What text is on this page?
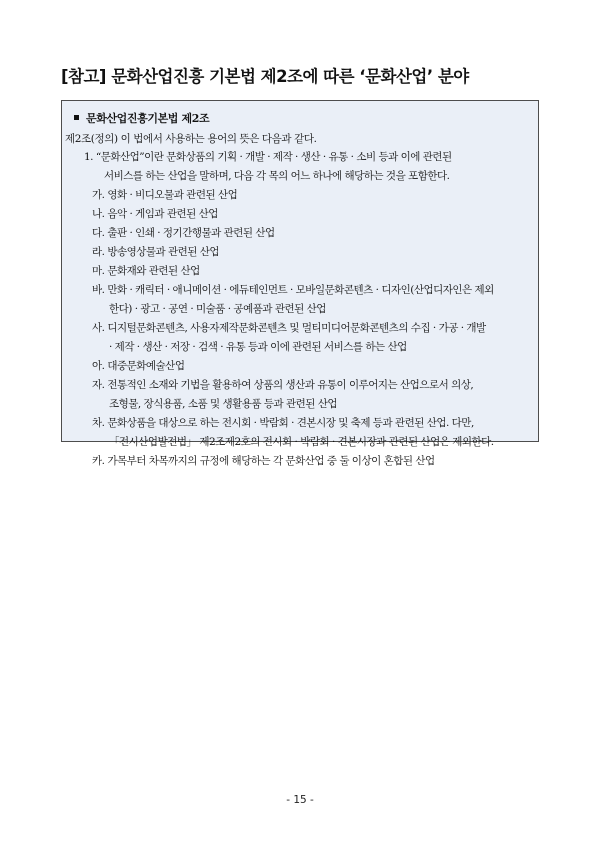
[참고] 문화산업진흥 기본법 제2조에 따른 ‘문화산업’ 분야
문화산업진흥기본법 제2조
제2조(정의) 이 법에서 사용하는 용어의 뜻은 다음과 같다.
1. “문화산업”이란 문화상품의 기획 · 개발 · 제작 · 생산 · 유통 · 소비 등과 이에 관련된
서비스를 하는 산업을 말하며, 다음 각 목의 어느 하나에 해당하는 것을 포함한다.
가. 영화 · 비디오물과 관련된 산업
나. 음악 · 게임과 관련된 산업
다. 출판 · 인쇄 · 정기간행물과 관련된 산업
라. 방송영상물과 관련된 산업
마. 문화재와 관련된 산업
바. 만화 · 캐릭터 · 애니메이션 · 에듀테인먼트 · 모바일문화콘텐츠 · 디자인(산업디자인은 제외
한다) · 광고 · 공연 · 미술품 · 공예품과 관련된 산업
사. 디지털문화콘텐츠, 사용자제작문화콘텐츠 및 멀티미디어문화콘텐츠의 수집 · 가공 · 개발
· 제작 · 생산 · 저장 · 검색 · 유통 등과 이에 관련된 서비스를 하는 산업
아. 대중문화예술산업
자. 전통적인 소재와 기법을 활용하여 상품의 생산과 유통이 이루어지는 산업으로서 의상,
조형물, 장식용품, 소품 및 생활용품 등과 관련된 산업
차. 문화상품을 대상으로 하는 전시회 · 박람회 · 견본시장 및 축제 등과 관련된 산업. 다만,
「전시산업발전법」 제2조제2호의 전시회 · 박람회 · 견본시장과 관련된 산업은 제외한다.
카. 가목부터 차목까지의 규정에 해당하는 각 문화산업 중 둘 이상이 혼합된 산업
- 15 -
